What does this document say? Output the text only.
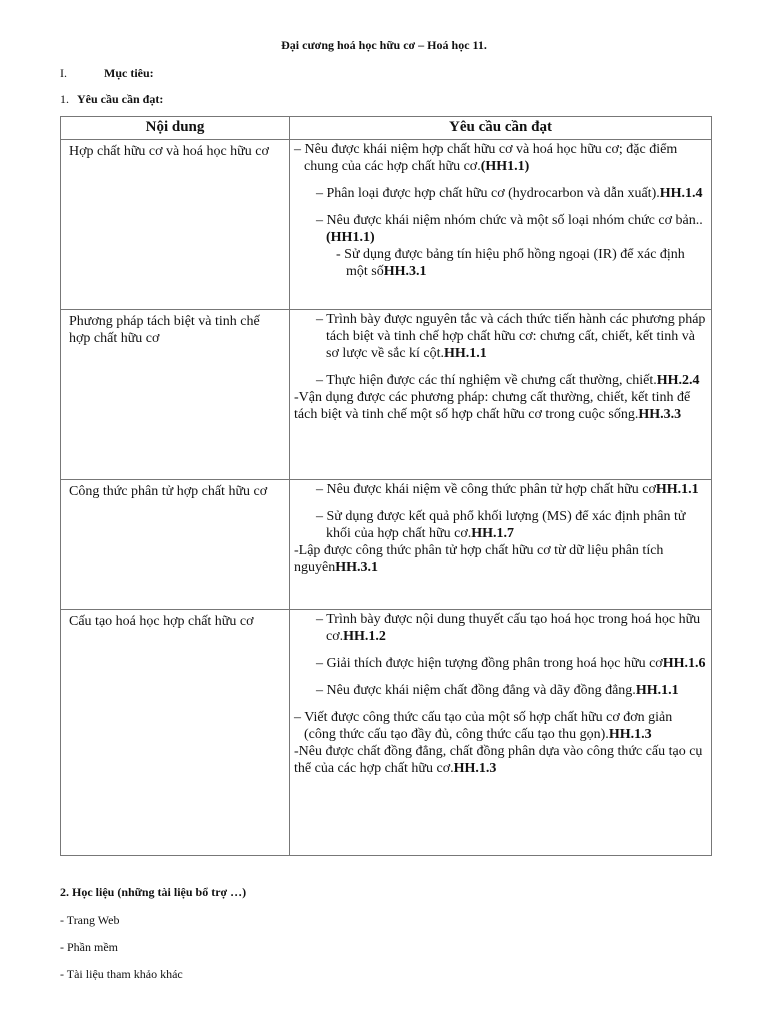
Đại cương hoá học hữu cơ – Hoá học 11.
I.	Mục tiêu:
1. Yêu cầu cần đạt:
Nội dung	Yêu cầu cần đạt
Hợp chất hữu cơ và hoá học hữu cơ	– Nêu được khái niệm hợp chất hữu cơ và hoá học hữu cơ; đặc điểm chung của các hợp chất hữu cơ.(HH1.1)

– Phân loại được hợp chất hữu cơ (hydrocarbon và dẫn xuất).HH.1.4

– Nêu được khái niệm nhóm chức và một số loại nhóm chức cơ bản..(HH1.1)

- Sử dụng được bảng tín hiệu phổ hồng ngoại (IR) để xác định một sốHH.3.1

Phương pháp tách biệt và tinh chế hợp chất hữu cơ	– Trình bày được nguyên tắc và cách thức tiến hành các phương pháp tách biệt và tinh chế hợp chất hữu cơ: chưng cất, chiết, kết tinh và sơ lược về sắc kí cột.HH.1.1

– Thực hiện được các thí nghiệm về chưng cất thường, chiết.HH.2.4

-Vận dụng được các phương pháp: chưng cất thường, chiết, kết tinh để tách biệt và tinh chế một số hợp chất hữu cơ trong cuộc sống.HH.3.3

Công thức phân tử hợp chất hữu cơ	– Nêu được khái niệm về công thức phân tử hợp chất hữu cơHH.1.1

– Sử dụng được kết quả phổ khối lượng (MS) để xác định phân tử khối của hợp chất hữu cơ.HH.1.7

-Lập được công thức phân tử hợp chất hữu cơ từ dữ liệu phân tích nguyênHH.3.1

Cấu tạo hoá học hợp chất hữu cơ	– Trình bày được nội dung thuyết cấu tạo hoá học trong hoá học hữu cơ.HH.1.2

– Giải thích được hiện tượng đồng phân trong hoá học hữu cơHH.1.6

– Nêu được khái niệm chất đồng đẳng và dãy đồng đẳng.HH.1.1

– Viết được công thức cấu tạo của một số hợp chất hữu cơ đơn giản (công thức cấu tạo đầy đủ, công thức cấu tạo thu gọn).HH.1.3

-Nêu được chất đồng đẳng, chất đồng phân dựa vào công thức cấu tạo cụ thể của các hợp chất hữu cơ.HH.1.3

2. Học liệu (những tài liệu bổ trợ …)
- Trang Web
- Phần mềm
- Tài liệu tham khảo khác
